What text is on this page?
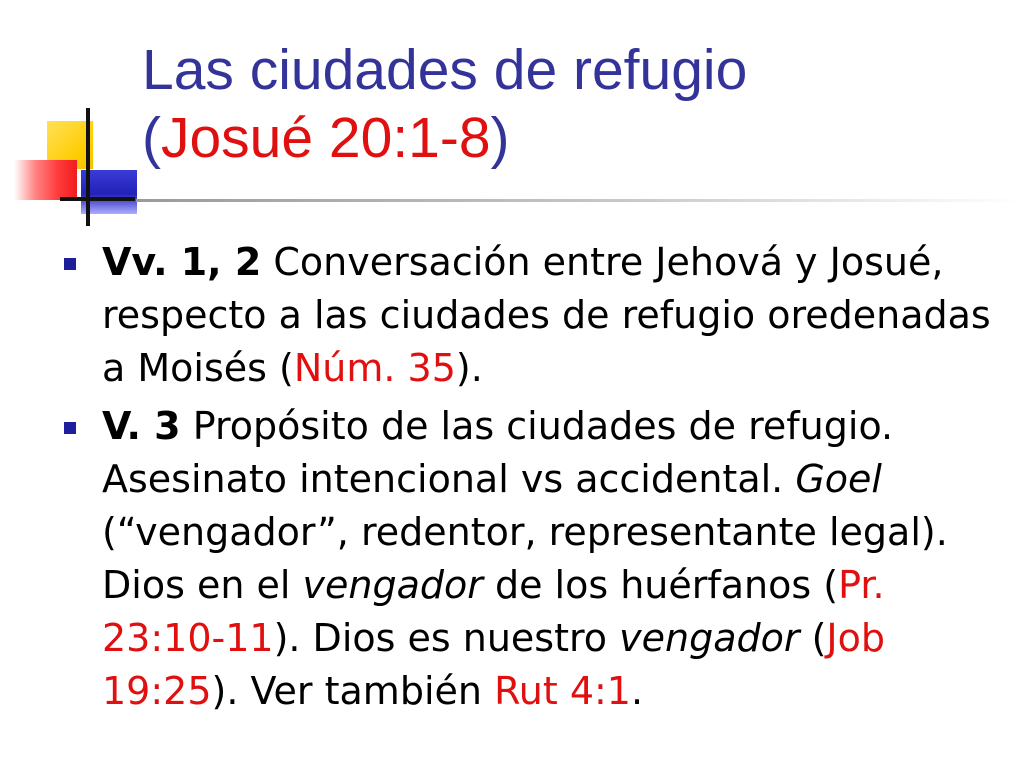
Las ciudades de refugio
(Josué 20:1-8)
Vv. 1, 2 Conversación entre Jehová y Josué, respecto a las ciudades de refugio oredenadas a Moisés (Núm. 35).
V. 3 Propósito de las ciudades de refugio. Asesinato intencional vs accidental. Goel (“vengador”, redentor, representante legal). Dios en el vengador de los huérfanos (Pr. 23:10-11). Dios es nuestro vengador (Job 19:25). Ver también Rut 4:1.
